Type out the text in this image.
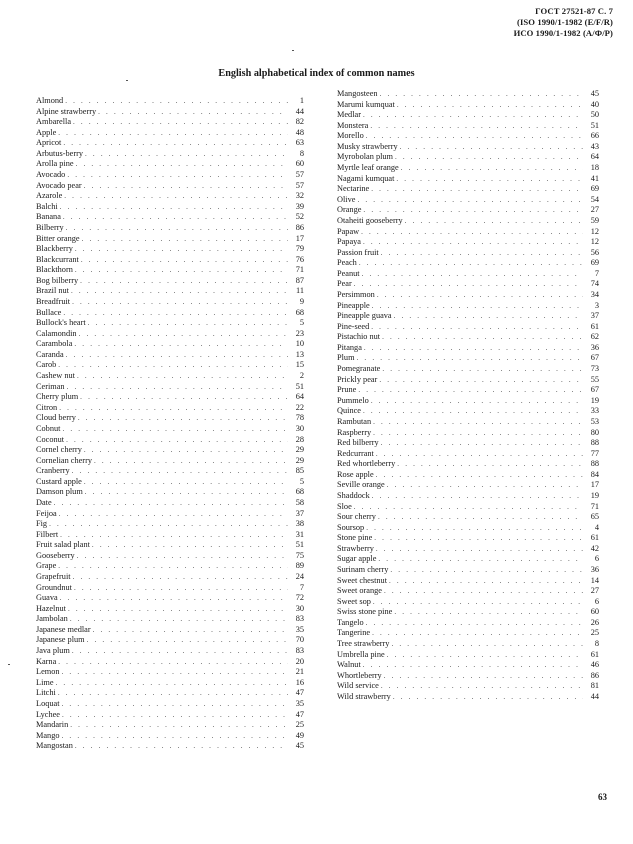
ГОСТ 27521-87 С. 7
(ISO 1990/1-1982 (E/F/R)
ИСО 1990/1-1982 (А/Ф/Р)
English alphabetical index of common names
Almond . . .	1
Alpine strawberry . . .	44
Ambarella . . .	82
Apple . . .	48
Apricot . . .	63
Arbutus-berry . . .	8
Arolla pine . . .	60
Avocado . . .	57
Avocado pear . . .	57
Azarole . . .	32
Balchi . . .	39
Banana . . .	52
Bilberry . . .	86
Bitter orange . . .	17
Blackberry . . .	79
Blackcurrant . . .	76
Blackthorn . . .	71
Bog bilberry . . .	87
Brazil nut . . .	11
Breadfruit . . .	9
Bullace . . .	68
Bullock's heart . . .	5
Calamondin . . .	23
Carambola . . .	10
Caranda . . .	13
Carob . . .	15
Cashew nut . . .	2
Ceriman . . .	51
Cherry plum . . .	64
Citron . . .	22
Cloud berry . . .	78
Cobnut . . .	30
Coconut . . .	28
Cornel cherry . . .	29
Cornelian cherry . . .	29
Cranberry . . .	85
Custard apple . . .	5
Damson plum . . .	68
Date . . .	58
Feijoa . . .	37
Fig . . .	38
Filbert . . .	31
Fruit salad plant . . .	51
Gooseberry . . .	75
Grape . . .	89
Grapefruit . . .	24
Groundnut . . .	7
Guava . . .	72
Hazelnut . . .	30
Jambolan . . .	83
Japanese medlar . . .	35
Japanese plum . . .	70
Java plum . . .	83
Karna . . .	20
Lemon . . .	21
Lime . . .	16
Litchi . . .	47
Loquat . . .	35
Lychee . . .	47
Mandarin . . .	25
Mango . . .	49
Mangostan . . .	45
Mangosteen . . .	45
Marumi kumquat . . .	40
Medlar . . .	50
Monstera . . .	51
Morello . . .	66
Musky strawberry . . .	43
Myrobolan plum . . .	64
Myrtle leaf orange . . .	18
Nagami kumquat . . .	41
Nectarine . . .	69
Olive . . .	54
Orange . . .	27
Otaheiti gooseberry . . .	59
Papaw . . .	12
Papaya . . .	12
Passion fruit . . .	56
Peach . . .	69
Peanut . . .	7
Pear . . .	74
Persimmon . . .	34
Pineapple . . .	3
Pineapple guava . . .	37
Pine-seed . . .	61
Pistachio nut . . .	62
Pitanga . . .	36
Plum . . .	67
Pomegranate . . .	73
Prickly pear . . .	55
Prune . . .	67
Pummelo . . .	19
Quince . . .	33
Rambutan . . .	53
Raspberry . . .	80
Red bilberry . . .	88
Redcurrant . . .	77
Red whortleberry . . .	88
Rose apple . . .	84
Seville orange . . .	17
Shaddock . . .	19
Sloe . . .	71
Sour cherry . . .	65
Soursop . . .	4
Stone pine . . .	61
Strawberry . . .	42
Sugar apple . . .	6
Surinam cherry . . .	36
Sweet chestnut . . .	14
Sweet orange . . .	27
Sweet sop . . .	6
Swiss stone pine . . .	60
Tangelo . . .	26
Tangerine . . .	25
Tree strawberry . . .	8
Umbrella pine . . .	61
Walnut . . .	46
Whortleberry . . .	86
Wild service . . .	81
Wild strawberry . . .	44
63
